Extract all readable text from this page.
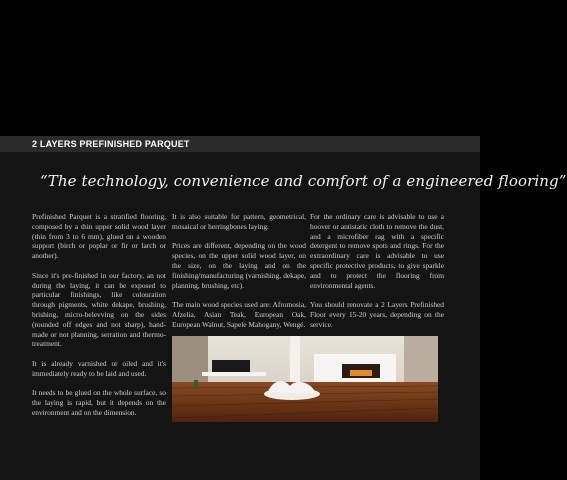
2 LAYERS PREFINISHED PARQUET
“The technology, convenience and comfort of a engineered flooring”

Prefinished Parquet is a stratified flooring, composed by a thin upper solid wood layer (thin from 3 to 6 mm), glued on a wooden support (birch or poplar or fir or larch or another).

Since it's pre-finished in our factory, an not during the laying, it can be exposed to particular finishings, like colouration through pigments, white dekape, brushing, brishing, micro-belevving on the sides (rounded off edges and not sharp), hand-made or not planning, serration and thermo-treatment.

It is already varnished or oiled and it's immediately ready to be laid and used.

It needs to be glued on the whole surface, so the laying is rapid, but it depends on the environment and on the dimension.

It is also suitable for pattern, geometrical, mosaical or herringbones laying.

Prices are different, depending on the wood species, on the upper solid wood layer, on the size, on the laying and on the finishing/manufacturing (varnishing, dekape, planning, brushing, etc).

The main wood species used are: Afromosia, Afzelia, Asian Teak, European Oak, European Walnut, Sapele Mahogany, Wengé.

For the ordinary care is advisable to use a hoover or antistatic cloth to remove the dust, and a microfiber rag with a specific detergent to remove spots and rings. For the extraordinary care is advisable to use specific protective products, to give sparkle and to protect the flooring from environmental agents.

You should renovate a 2 Layers Prefinished Floor every 15-20 years, depending on the service.
